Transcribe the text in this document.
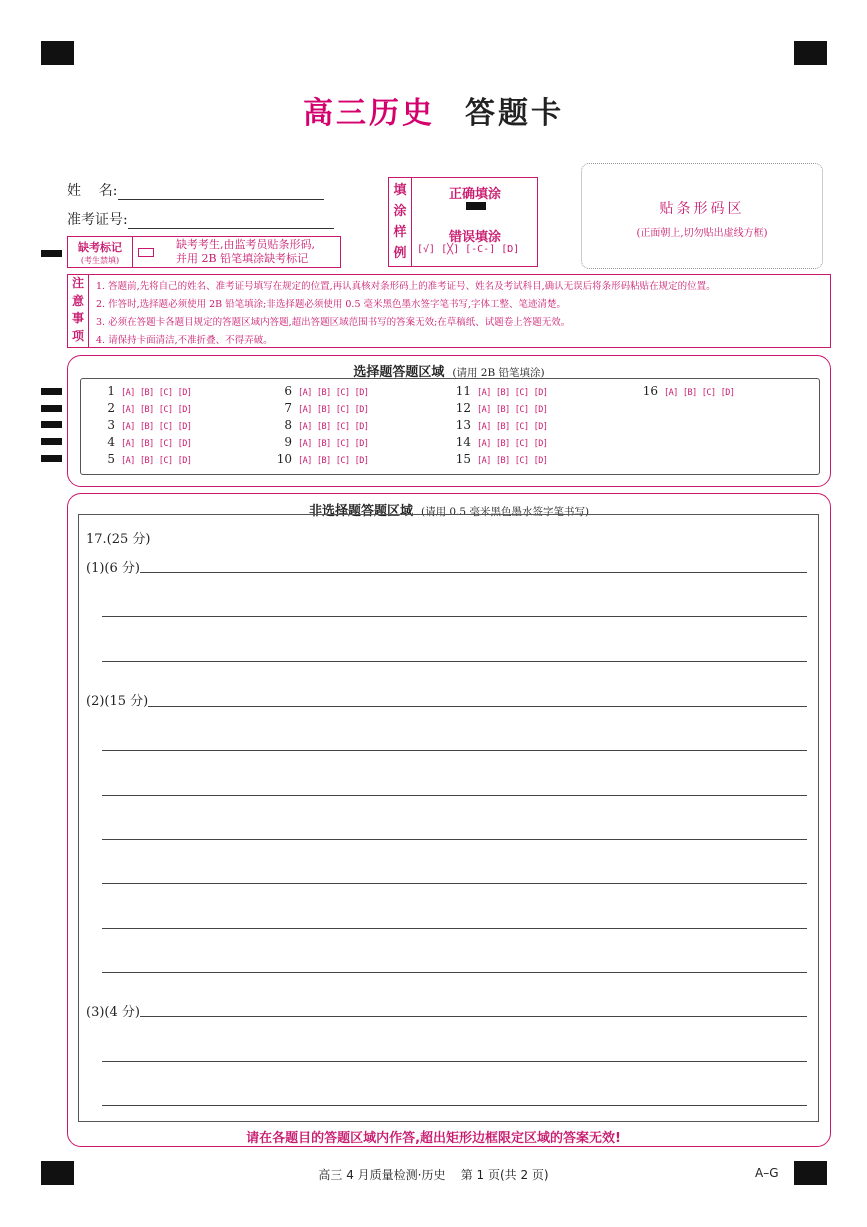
高三历史 答题卡
姓    名:
准考证号:
缺考标记
(考生禁填)
缺考考生,由监考员贴条形码,
并用 2B 铅笔填涂缺考标记
填
涂
样
例
正确填涂
错误填涂
[√] [╳] [-C-] [Ɒ]
贴条形码区
(正面朝上,切勿贴出虚线方框)
注
意
事
项
1. 答题前,先将自己的姓名、准考证号填写在规定的位置,再认真核对条形码上的准考证号、姓名及考试科目,确认无误后将条形码粘贴在规定的位置。
2. 作答时,选择题必须使用 2B 铅笔填涂;非选择题必须使用 0.5 毫米黑色墨水签字笔书写,字体工整、笔迹清楚。
3. 必须在答题卡各题目规定的答题区域内答题,超出答题区域范围书写的答案无效;在草稿纸、试题卷上答题无效。
4. 请保持卡面清洁,不准折叠、不得弄破。
选择题答题区域 (请用 2B 铅笔填涂)
1 [A] [B] [C] [D]
2 [A] [B] [C] [D]
3 [A] [B] [C] [D]
4 [A] [B] [C] [D]
5 [A] [B] [C] [D]
6 [A] [B] [C] [D]
7 [A] [B] [C] [D]
8 [A] [B] [C] [D]
9 [A] [B] [C] [D]
10 [A] [B] [C] [D]
11 [A] [B] [C] [D]
12 [A] [B] [C] [D]
13 [A] [B] [C] [D]
14 [A] [B] [C] [D]
15 [A] [B] [C] [D]
16 [A] [B] [C] [D]
非选择题答题区域 (请用 0.5 毫米黑色墨水签字笔书写)
17.(25 分)
(1)(6 分)
(2)(15 分)
(3)(4 分)
请在各题目的答题区域内作答,超出矩形边框限定区域的答案无效!
高三 4 月质量检测·历史    第 1 页(共 2 页)	A–G
